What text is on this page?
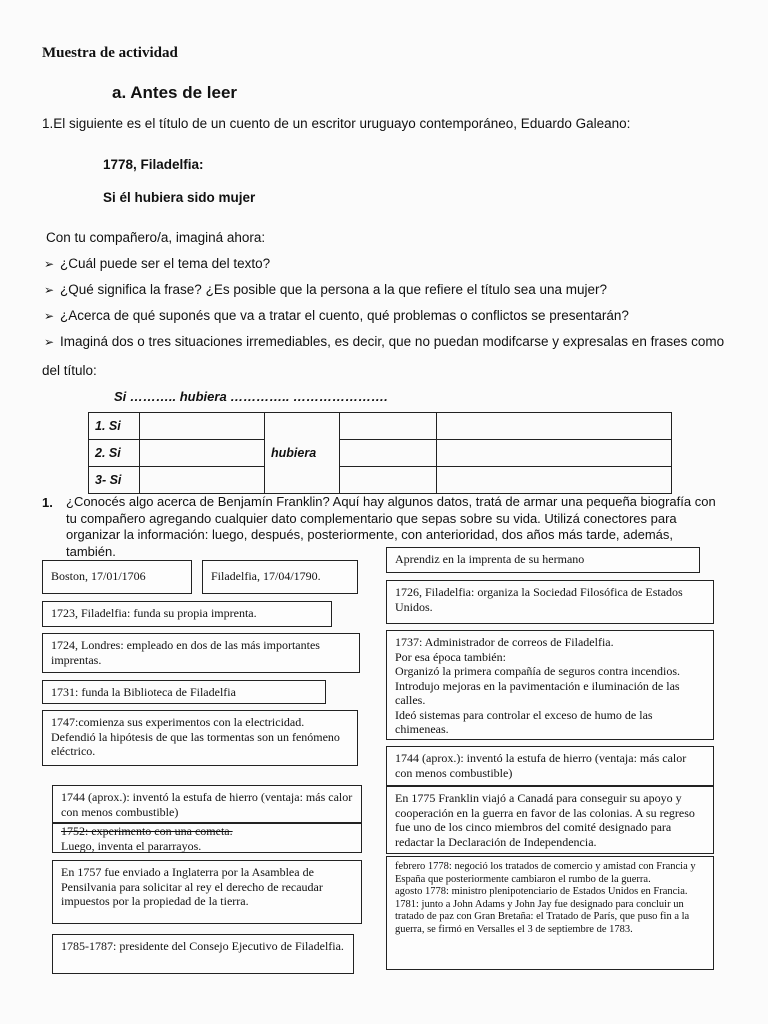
Muestra de actividad
a. Antes de leer
1.El siguiente es el título de un cuento de un escritor uruguayo contemporáneo, Eduardo Galeano:
1778, Filadelfia:
Si él hubiera sido mujer
Con tu compañero/a, imaginá ahora:
➢ ¿Cuál puede ser el tema del texto?
➢ ¿Qué significa la frase? ¿Es posible que la persona a la que refiere el título sea una mujer?
➢ ¿Acerca de qué suponés que va a tratar el cuento, qué problemas o conflictos se presentarán?
➢ Imaginá dos o tres situaciones irremediables, es decir, que no puedan modifcarse y expresalas en frases como
del título:
Si ……….. hubiera ………….. ………………….
1. Si		hubiera		
2. Si				
3- Si				
1. ¿Conocés algo acerca de Benjamín Franklin? Aquí hay algunos datos, tratá de armar una pequeña biografía con tu compañero agregando cualquier dato complementario que sepas sobre su vida. Utilizá conectores para organizar la información: luego, después, posteriormente, con anterioridad, dos años más tarde, además, también.
Boston, 17/01/1706	Filadelfia, 17/04/1790.
1723, Filadelfia: funda su propia imprenta.
1724, Londres: empleado en dos de las más importantes imprentas.
1731: funda la Biblioteca de Filadelfia
1747:comienza sus experimentos con la electricidad. Defendió la hipótesis de que las tormentas son un fenómeno eléctrico.
1744 (aprox.): inventó la estufa de hierro (ventaja: más calor con menos combustible)
1752: experimento con una cometa.
Luego, inventa el pararrayos.
En 1757 fue enviado a Inglaterra por la Asamblea de Pensilvania para solicitar al rey el derecho de recaudar impuestos por la propiedad de la tierra.
1785-1787: presidente del Consejo Ejecutivo de Filadelfia.
Aprendiz en la imprenta de su hermano
1726, Filadelfia: organiza la Sociedad Filosófica de Estados Unidos.
1737: Administrador de correos de Filadelfia.
Por esa época también:
Organizó la primera compañía de seguros contra incendios.
Introdujo mejoras en la pavimentación e iluminación de las calles.
Ideó sistemas para controlar el exceso de humo de las chimeneas.
1744 (aprox.): inventó la estufa de hierro (ventaja: más calor con menos combustible)
En 1775 Franklin viajó a Canadá para conseguir su apoyo y cooperación en la guerra en favor de las colonias. A su regreso fue uno de los cinco miembros del comité designado para redactar la Declaración de Independencia.
febrero 1778: negoció los tratados de comercio y amistad con Francia y España que posteriormente cambiaron el rumbo de la guerra.
agosto 1778: ministro plenipotenciario de Estados Unidos en Francia.
1781: junto a John Adams y John Jay fue designado para concluir un tratado de paz con Gran Bretaña: el Tratado de París, que puso fin a la guerra, se firmó en Versalles el 3 de septiembre de 1783.
